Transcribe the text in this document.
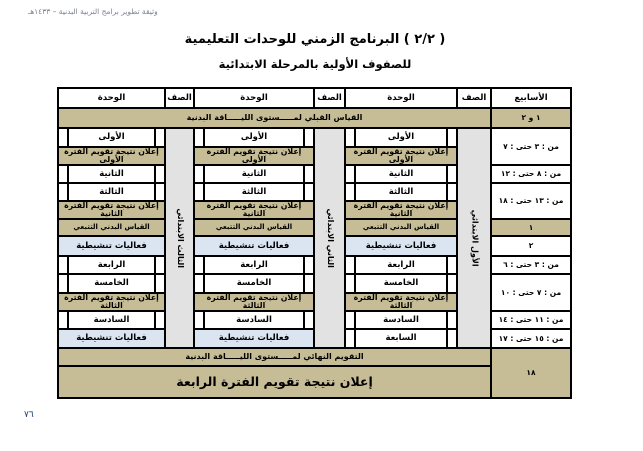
وثيقة تطوير برامج التربية البدنية – ١٤٣٣هـ
( ٢/٢ ) البرنامج الزمني للوحدات التعليمية
للصفوف الأولية بالمرحلة الابتدائية
الأسابيع
الصف
الوحدة
الصف
الوحدة
الصف
الوحدة
القياس القبلي لمـــــستوى الليـــــاقة البدنية
الأول الابتدائي
الثاني الابتدائي
الثالث الابتدائي
الأولى
الأولى
الأولى
إعلان نتيجة تقويم الفترة الأولى
إعلان نتيجة تقويم الفترة الأولى
إعلان نتيجة تقويم الفترة الأولى
الثانية
الثانية
الثانية
الثالثة
الثالثة
الثالثة
إعلان نتيجة تقويم الفترة الثانية
إعلان نتيجة تقويم الفترة الثانية
إعلان نتيجة تقويم الفترة الثانية
القياس البدني التتبعي
القياس البدني التتبعي
القياس البدني التتبعي
فعاليات تنشيطية
فعاليات تنشيطية
فعاليات تنشيطية
الرابعة
الرابعة
الرابعة
الخامسة
الخامسة
الخامسة
إعلان نتيجة تقويم الفترة الثالثة
إعلان نتيجة تقويم الفترة الثالثة
إعلان نتيجة تقويم الفترة الثالثة
السادسة
السادسة
السادسة
السابعة
فعاليات تنشيطية
فعاليات تنشيطية
١ و ٢
من : ٣ حتى : ٧
من : ٨ حتى : ١٢
من : ١٣ حتى : ١٨
١
٢
من : ٣ حتى : ٦
من : ٧ حتى : ١٠
من : ١١ حتى : ١٤
من : ١٥ حتى : ١٧
١٨
التقويم النهائي لمـــــستوى الليـــــاقة البدنية
إعلان نتيجة تقويم الفترة الرابعة
٧٦
